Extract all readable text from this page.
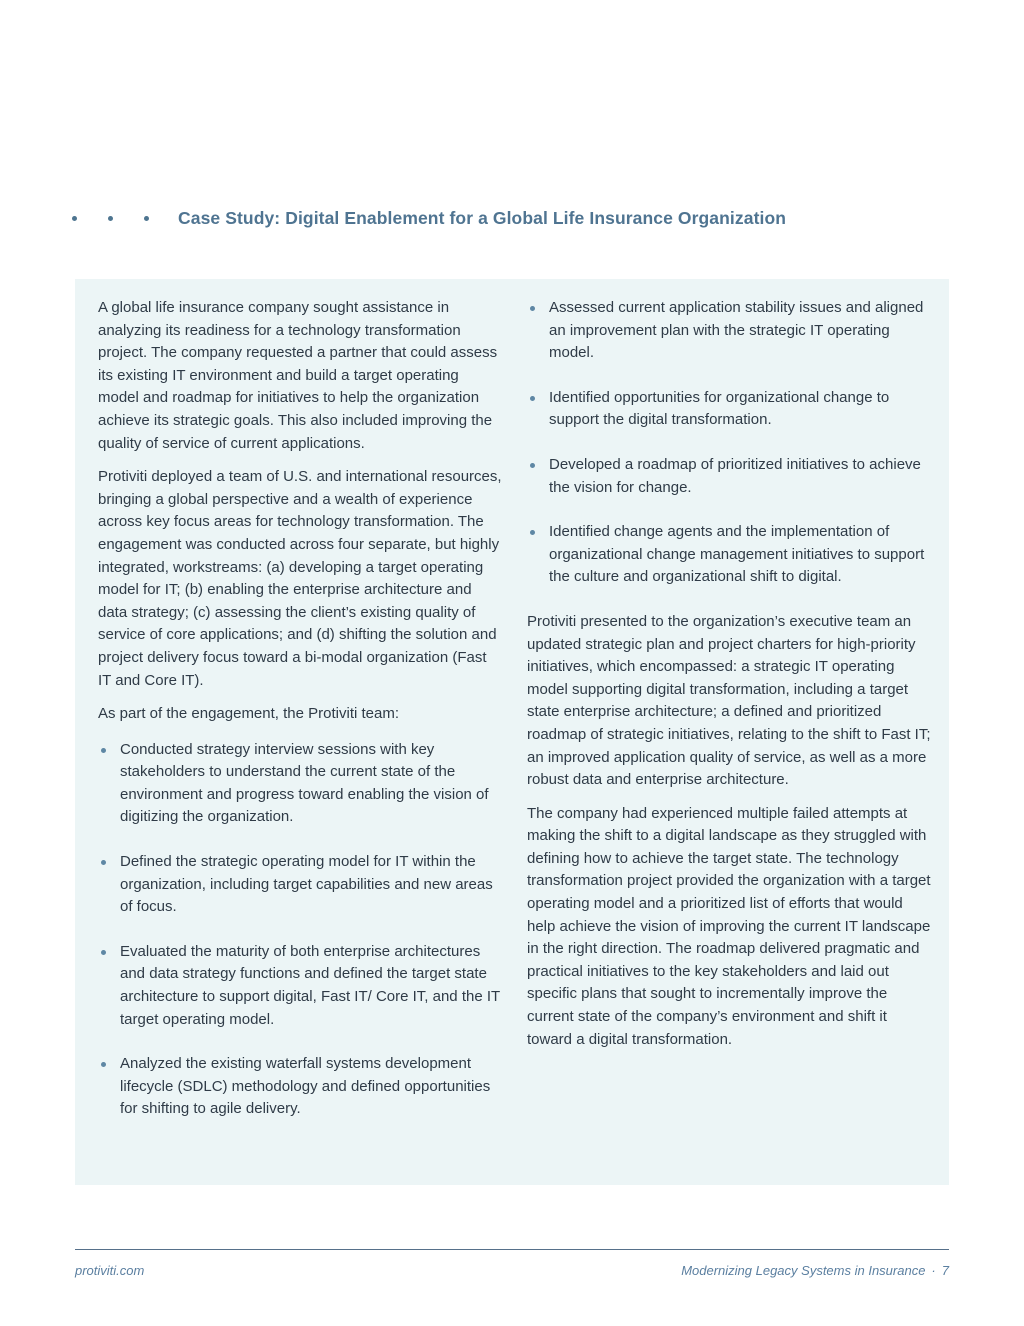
Case Study: Digital Enablement for a Global Life Insurance Organization

A global life insurance company sought assistance in analyzing its readiness for a technology transformation project. The company requested a partner that could assess its existing IT environment and build a target operating model and roadmap for initiatives to help the organization achieve its strategic goals. This also included improving the quality of service of current applications.

Protiviti deployed a team of U.S. and international resources, bringing a global perspective and a wealth of experience across key focus areas for technology transformation. The engagement was conducted across four separate, but highly integrated, workstreams: (a) developing a target operating model for IT; (b) enabling the enterprise architecture and data strategy; (c) assessing the client’s existing quality of service of core applications; and (d) shifting the solution and project delivery focus toward a bi-modal organization (Fast IT and Core IT).

As part of the engagement, the Protiviti team:

Conducted strategy interview sessions with key stakeholders to understand the current state of the environment and progress toward enabling the vision of digitizing the organization.
Defined the strategic operating model for IT within the organization, including target capabilities and new areas of focus.
Evaluated the maturity of both enterprise architectures and data strategy functions and defined the target state architecture to support digital, Fast IT/ Core IT, and the IT target operating model.
Analyzed the existing waterfall systems development lifecycle (SDLC) methodology and defined opportunities for shifting to agile delivery.
Assessed current application stability issues and aligned an improvement plan with the strategic IT operating model.
Identified opportunities for organizational change to support the digital transformation.
Developed a roadmap of prioritized initiatives to achieve the vision for change.
Identified change agents and the implementation of organizational change management initiatives to support the culture and organizational shift to digital.

Protiviti presented to the organization’s executive team an updated strategic plan and project charters for high-priority initiatives, which encompassed: a strategic IT operating model supporting digital transformation, including a target state enterprise architecture; a defined and prioritized roadmap of strategic initiatives, relating to the shift to Fast IT; an improved application quality of service, as well as a more robust data and enterprise architecture.

The company had experienced multiple failed attempts at making the shift to a digital landscape as they struggled with defining how to achieve the target state. The technology transformation project provided the organization with a target operating model and a prioritized list of efforts that would help achieve the vision of improving the current IT landscape in the right direction. The roadmap delivered pragmatic and practical initiatives to the key stakeholders and laid out specific plans that sought to incrementally improve the current state of the company’s environment and shift it toward a digital transformation.

protiviti.com	Modernizing Legacy Systems in Insurance · 7
